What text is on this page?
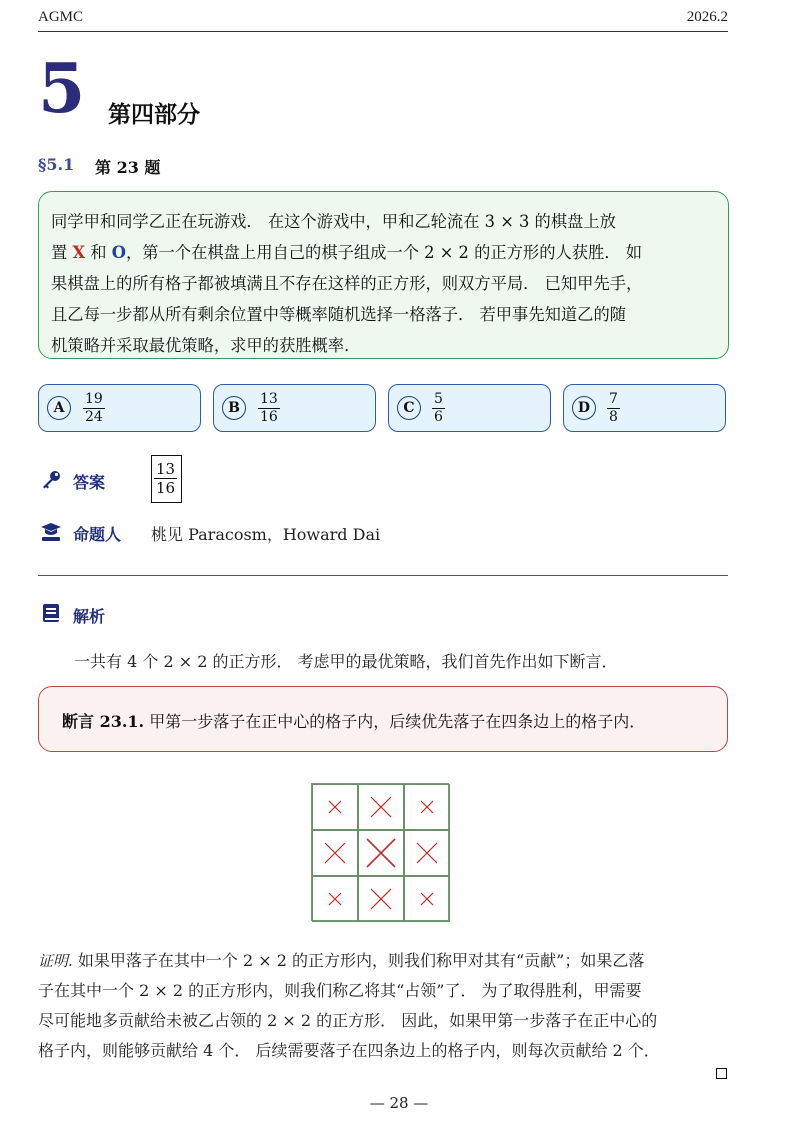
AGMC	2026.2
5 第四部分
§5.1 第 23 题

同学甲和同学乙正在玩游戏． 在这个游戏中，甲和乙轮流在 3 × 3 的棋盘上放

置 X 和 O，第一个在棋盘上用自己的棋子组成一个 2 × 2 的正方形的人获胜． 如

果棋盘上的所有格子都被填满且不存在这样的正方形，则双方平局． 已知甲先手，

且乙每一步都从所有剩余位置中等概率随机选择一格落子． 若甲事先知道乙的随

机策略并采取最优策略，求甲的获胜概率．

A	$\frac{19}{24}$	B	$\frac{13}{16}$	C	$\frac{5}{6}$	D	$\frac{7}{8}$
答案	$\frac{13}{16}$
命题人 桃见 Paracosm，Howard Dai
解析
一共有 4 个 2 × 2 的正方形． 考虑甲的最优策略，我们首先作出如下断言．
断言 23.1. 甲第一步落子在正中心的格子内，后续优先落子在四条边上的格子内．

证明. 如果甲落子在其中一个 2 × 2 的正方形内，则我们称甲对其有“贡献”；如果乙落

子在其中一个 2 × 2 的正方形内，则我们称乙将其“占领”了． 为了取得胜利，甲需要

尽可能地多贡献给未被乙占领的 2 × 2 的正方形． 因此，如果甲第一步落子在正中心的

格子内，则能够贡献给 4 个． 后续需要落子在四条边上的格子内，则每次贡献给 2 个．

— 28 —
